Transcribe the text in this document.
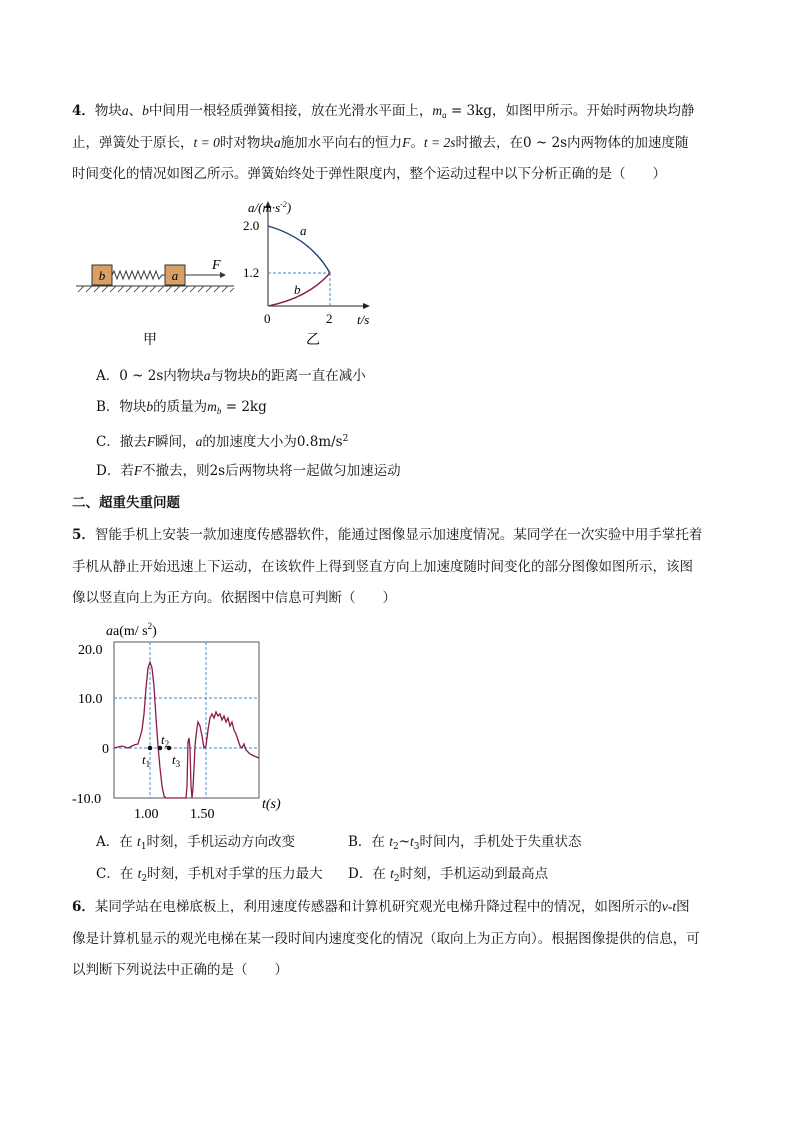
4．物块a、b中间用一根轻质弹簧相接，放在光滑水平面上，$m_a = 3kg$，如图甲所示。开始时两物块均静
止，弹簧处于原长，t = 0时对物块a施加水平向右的恒力F。t = 2s时撤去，在0 ~ 2s内两物体的加速度随
时间变化的情况如图乙所示。弹簧始终处于弹性限度内，整个运动过程中以下分析正确的是（　　）
b	a
F
甲
$a/(m\cdot s^{-2})$
t/s
2.0
1.2
0	2
a
b
乙
A．0 ~ 2s内物块a与物块b的距离一直在减小
B．物块b的质量为$m_b = 2kg$
C．撤去F瞬间，a的加速度大小为$0.8m/s^2$
D．若F不撤去，则2s后两物块将一起做匀加速运动
二、超重失重问题
5．智能手机上安装一款加速度传感器软件，能通过图像显示加速度情况。某同学在一次实验中用手掌托着
手机从静止开始迅速上下运动，在该软件上得到竖直方向上加速度随时间变化的部分图像如图所示，该图
像以竖直向上为正方向。依据图中信息可判断（　　）
aa(m/ $s^2$)
20.0
10.0
0
-10.0
1.00 1.50
t(s)
$t_1$
$t_2$
$t_3$
A．在 $t_1$时刻，手机运动方向改变	B．在 $t_2\sim t_3$时间内，手机处于失重状态
C．在 $t_2$时刻，手机对手掌的压力最大 D．在 $t_2$时刻，手机运动到最高点
6．某同学站在电梯底板上，利用速度传感器和计算机研究观光电梯升降过程中的情况，如图所示的v-t图
像是计算机显示的观光电梯在某一段时间内速度变化的情况（取向上为正方向）。根据图像提供的信息，可
以判断下列说法中正确的是（　　）
